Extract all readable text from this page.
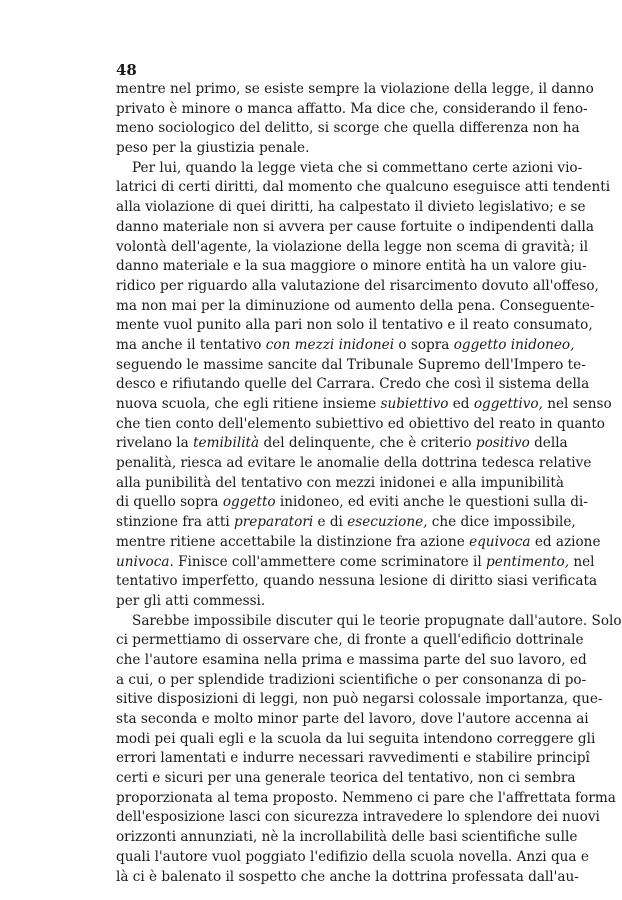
48
mentre nel primo, se esiste sempre la violazione della legge, il danno
privato è minore o manca affatto. Ma dice che, considerando il feno-
meno sociologico del delitto, si scorge che quella differenza non ha
peso per la giustizia penale.
Per lui, quando la legge vieta che si commettano certe azioni vio-
latrici di certi diritti, dal momento che qualcuno eseguisce atti tendenti
alla violazione di quei diritti, ha calpestato il divieto legislativo; e se
danno materiale non si avvera per cause fortuite o indipendenti dalla
volontà dell'agente, la violazione della legge non scema di gravità; il
danno materiale e la sua maggiore o minore entità ha un valore giu-
ridico per riguardo alla valutazione del risarcimento dovuto all'offeso,
ma non mai per la diminuzione od aumento della pena. Conseguente-
mente vuol punito alla pari non solo il tentativo e il reato consumato,
ma anche il tentativo con mezzi inidonei o sopra oggetto inidoneo,
seguendo le massime sancite dal Tribunale Supremo dell'Impero te-
desco e rifiutando quelle del Carrara. Credo che così il sistema della
nuova scuola, che egli ritiene insieme subiettivo ed oggettivo, nel senso
che tien conto dell'elemento subiettivo ed obiettivo del reato in quanto
rivelano la temibilità del delinquente, che è criterio positivo della
penalità, riesca ad evitare le anomalie della dottrina tedesca relative
alla punibilità del tentativo con mezzi inidonei e alla impunibilità
di quello sopra oggetto inidoneo, ed eviti anche le questioni sulla di-
stinzione fra atti preparatori e di esecuzione, che dice impossibile,
mentre ritiene accettabile la distinzione fra azione equivoca ed azione
univoca. Finisce coll'ammettere come scriminatore il pentimento, nel
tentativo imperfetto, quando nessuna lesione di diritto siasi verificata
per gli atti commessi.
Sarebbe impossibile discuter qui le teorie propugnate dall'autore. Solo
ci permettiamo di osservare che, di fronte a quell'edificio dottrinale
che l'autore esamina nella prima e massima parte del suo lavoro, ed
a cui, o per splendide tradizioni scientifiche o per consonanza di po-
sitive disposizioni di leggi, non può negarsi colossale importanza, que-
sta seconda e molto minor parte del lavoro, dove l'autore accenna ai
modi pei quali egli e la scuola da lui seguita intendono correggere gli
errori lamentati e indurre necessari ravvedimenti e stabilire principî
certi e sicuri per una generale teorica del tentativo, non ci sembra
proporzionata al tema proposto. Nemmeno ci pare che l'affrettata forma
dell'esposizione lasci con sicurezza intravedere lo splendore dei nuovi
orizzonti annunziati, nè la incrollabilità delle basi scientifiche sulle
quali l'autore vuol poggiato l'edifizio della scuola novella. Anzi qua e
là ci è balenato il sospetto che anche la dottrina professata dall'au-
